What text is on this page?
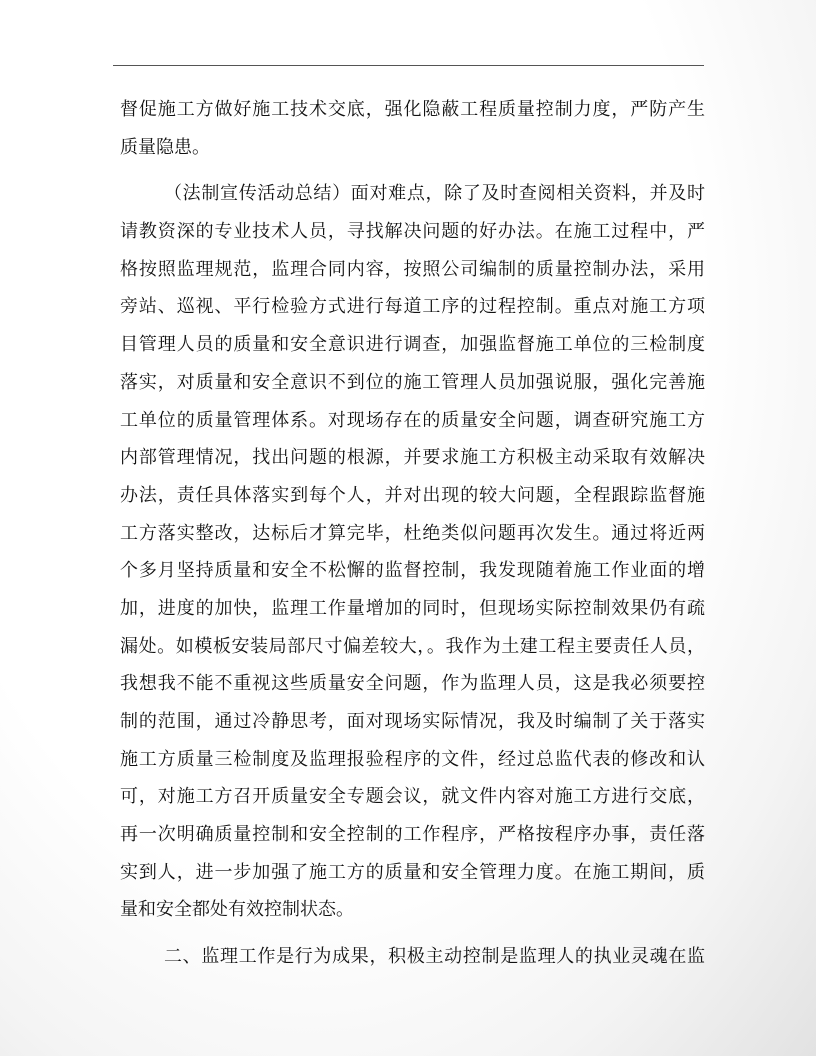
督促施工方做好施工技术交底，强化隐蔽工程质量控制力度，严防产生
质量隐患。
（法制宣传活动总结）面对难点，除了及时查阅相关资料，并及时
请教资深的专业技术人员，寻找解决问题的好办法。在施工过程中，严
格按照监理规范，监理合同内容，按照公司编制的质量控制办法，采用
旁站、巡视、平行检验方式进行每道工序的过程控制。重点对施工方项
目管理人员的质量和安全意识进行调查，加强监督施工单位的三检制度
落实，对质量和安全意识不到位的施工管理人员加强说服，强化完善施
工单位的质量管理体系。对现场存在的质量安全问题，调查研究施工方
内部管理情况，找出问题的根源，并要求施工方积极主动采取有效解决
办法，责任具体落实到每个人，并对出现的较大问题，全程跟踪监督施
工方落实整改，达标后才算完毕，杜绝类似问题再次发生。通过将近两
个多月坚持质量和安全不松懈的监督控制，我发现随着施工作业面的增
加，进度的加快，监理工作量增加的同时，但现场实际控制效果仍有疏
漏处。如模板安装局部尺寸偏差较大，。我作为土建工程主要责任人员，
我想我不能不重视这些质量安全问题，作为监理人员，这是我必须要控
制的范围，通过冷静思考，面对现场实际情况，我及时编制了关于落实
施工方质量三检制度及监理报验程序的文件，经过总监代表的修改和认
可，对施工方召开质量安全专题会议，就文件内容对施工方进行交底，
再一次明确质量控制和安全控制的工作程序，严格按程序办事，责任落
实到人，进一步加强了施工方的质量和安全管理力度。在施工期间，质
量和安全都处有效控制状态。
二、监理工作是行为成果，积极主动控制是监理人的执业灵魂在监
